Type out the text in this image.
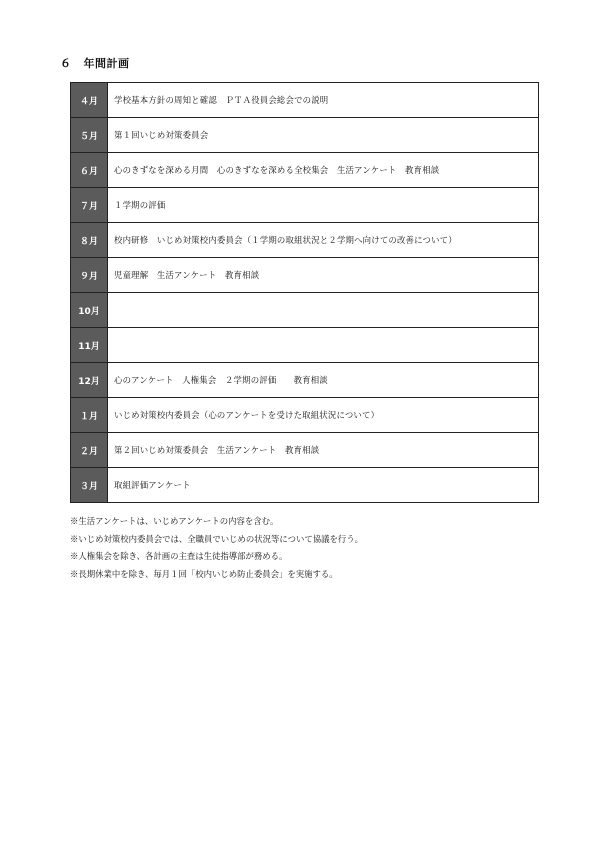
６ 年間計画
４月	学校基本方針の周知と確認　ＰＴＡ役員会総会での説明
５月	第１回いじめ対策委員会
６月	心のきずなを深める月間　心のきずなを深める全校集会　生活アンケート　教育相談
７月	１学期の評価
８月	校内研修　いじめ対策校内委員会（１学期の取組状況と２学期へ向けての改善について）
９月	児童理解　生活アンケート　教育相談
10月	
11月	
12月	心のアンケート　人権集会　２学期の評価　　教育相談
１月	いじめ対策校内委員会（心のアンケートを受けた取組状況について）
２月	第２回いじめ対策委員会　生活アンケート　教育相談
３月	取組評価アンケート
※生活アンケートは、いじめアンケートの内容を含む。
※いじめ対策校内委員会では、全職員でいじめの状況等について協議を行う。
※人権集会を除き、各計画の主査は生徒指導部が務める。
※長期休業中を除き、毎月１回「校内いじめ防止委員会」を実施する。
